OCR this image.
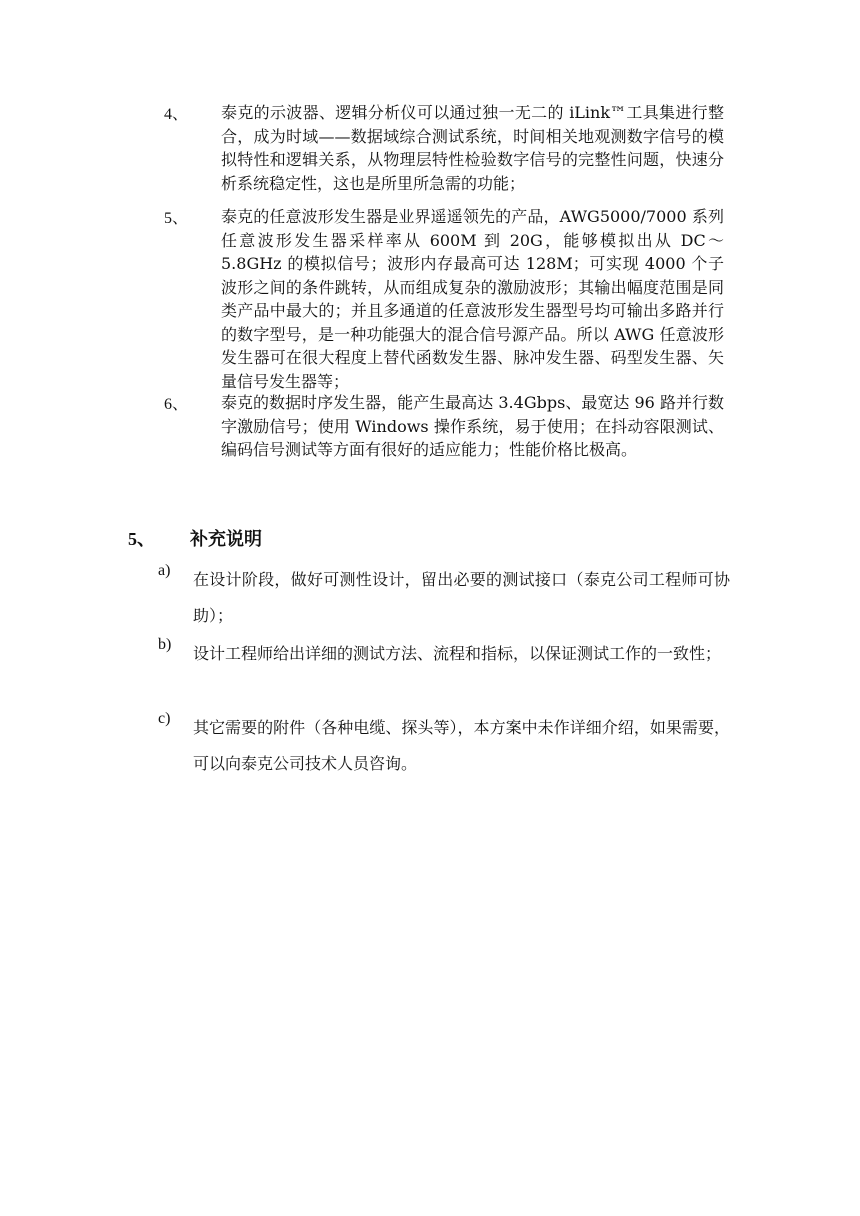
4、 泰克的示波器、逻辑分析仪可以通过独一无二的 iLink™工具集进行整合，成为时域——数据域综合测试系统，时间相关地观测数字信号的模拟特性和逻辑关系，从物理层特性检验数字信号的完整性问题，快速分析系统稳定性，这也是所里所急需的功能；
5、 泰克的任意波形发生器是业界遥遥领先的产品，AWG5000/7000 系列任意波形发生器采样率从 600M 到 20G，能够模拟出从 DC～5.8GHz 的模拟信号；波形内存最高可达 128M；可实现 4000 个子波形之间的条件跳转，从而组成复杂的激励波形；其输出幅度范围是同类产品中最大的；并且多通道的任意波形发生器型号均可输出多路并行的数字型号，是一种功能强大的混合信号源产品。所以 AWG 任意波形发生器可在很大程度上替代函数发生器、脉冲发生器、码型发生器、矢量信号发生器等；
6、 泰克的数据时序发生器，能产生最高达 3.4Gbps、最宽达 96 路并行数字激励信号；使用 Windows 操作系统，易于使用；在抖动容限测试、编码信号测试等方面有很好的适应能力；性能价格比极高。
5、 补充说明
a) 在设计阶段，做好可测性设计，留出必要的测试接口（泰克公司工程师可协助）；
b) 设计工程师给出详细的测试方法、流程和指标，以保证测试工作的一致性；
c) 其它需要的附件（各种电缆、探头等），本方案中未作详细介绍，如果需要，可以向泰克公司技术人员咨询。
